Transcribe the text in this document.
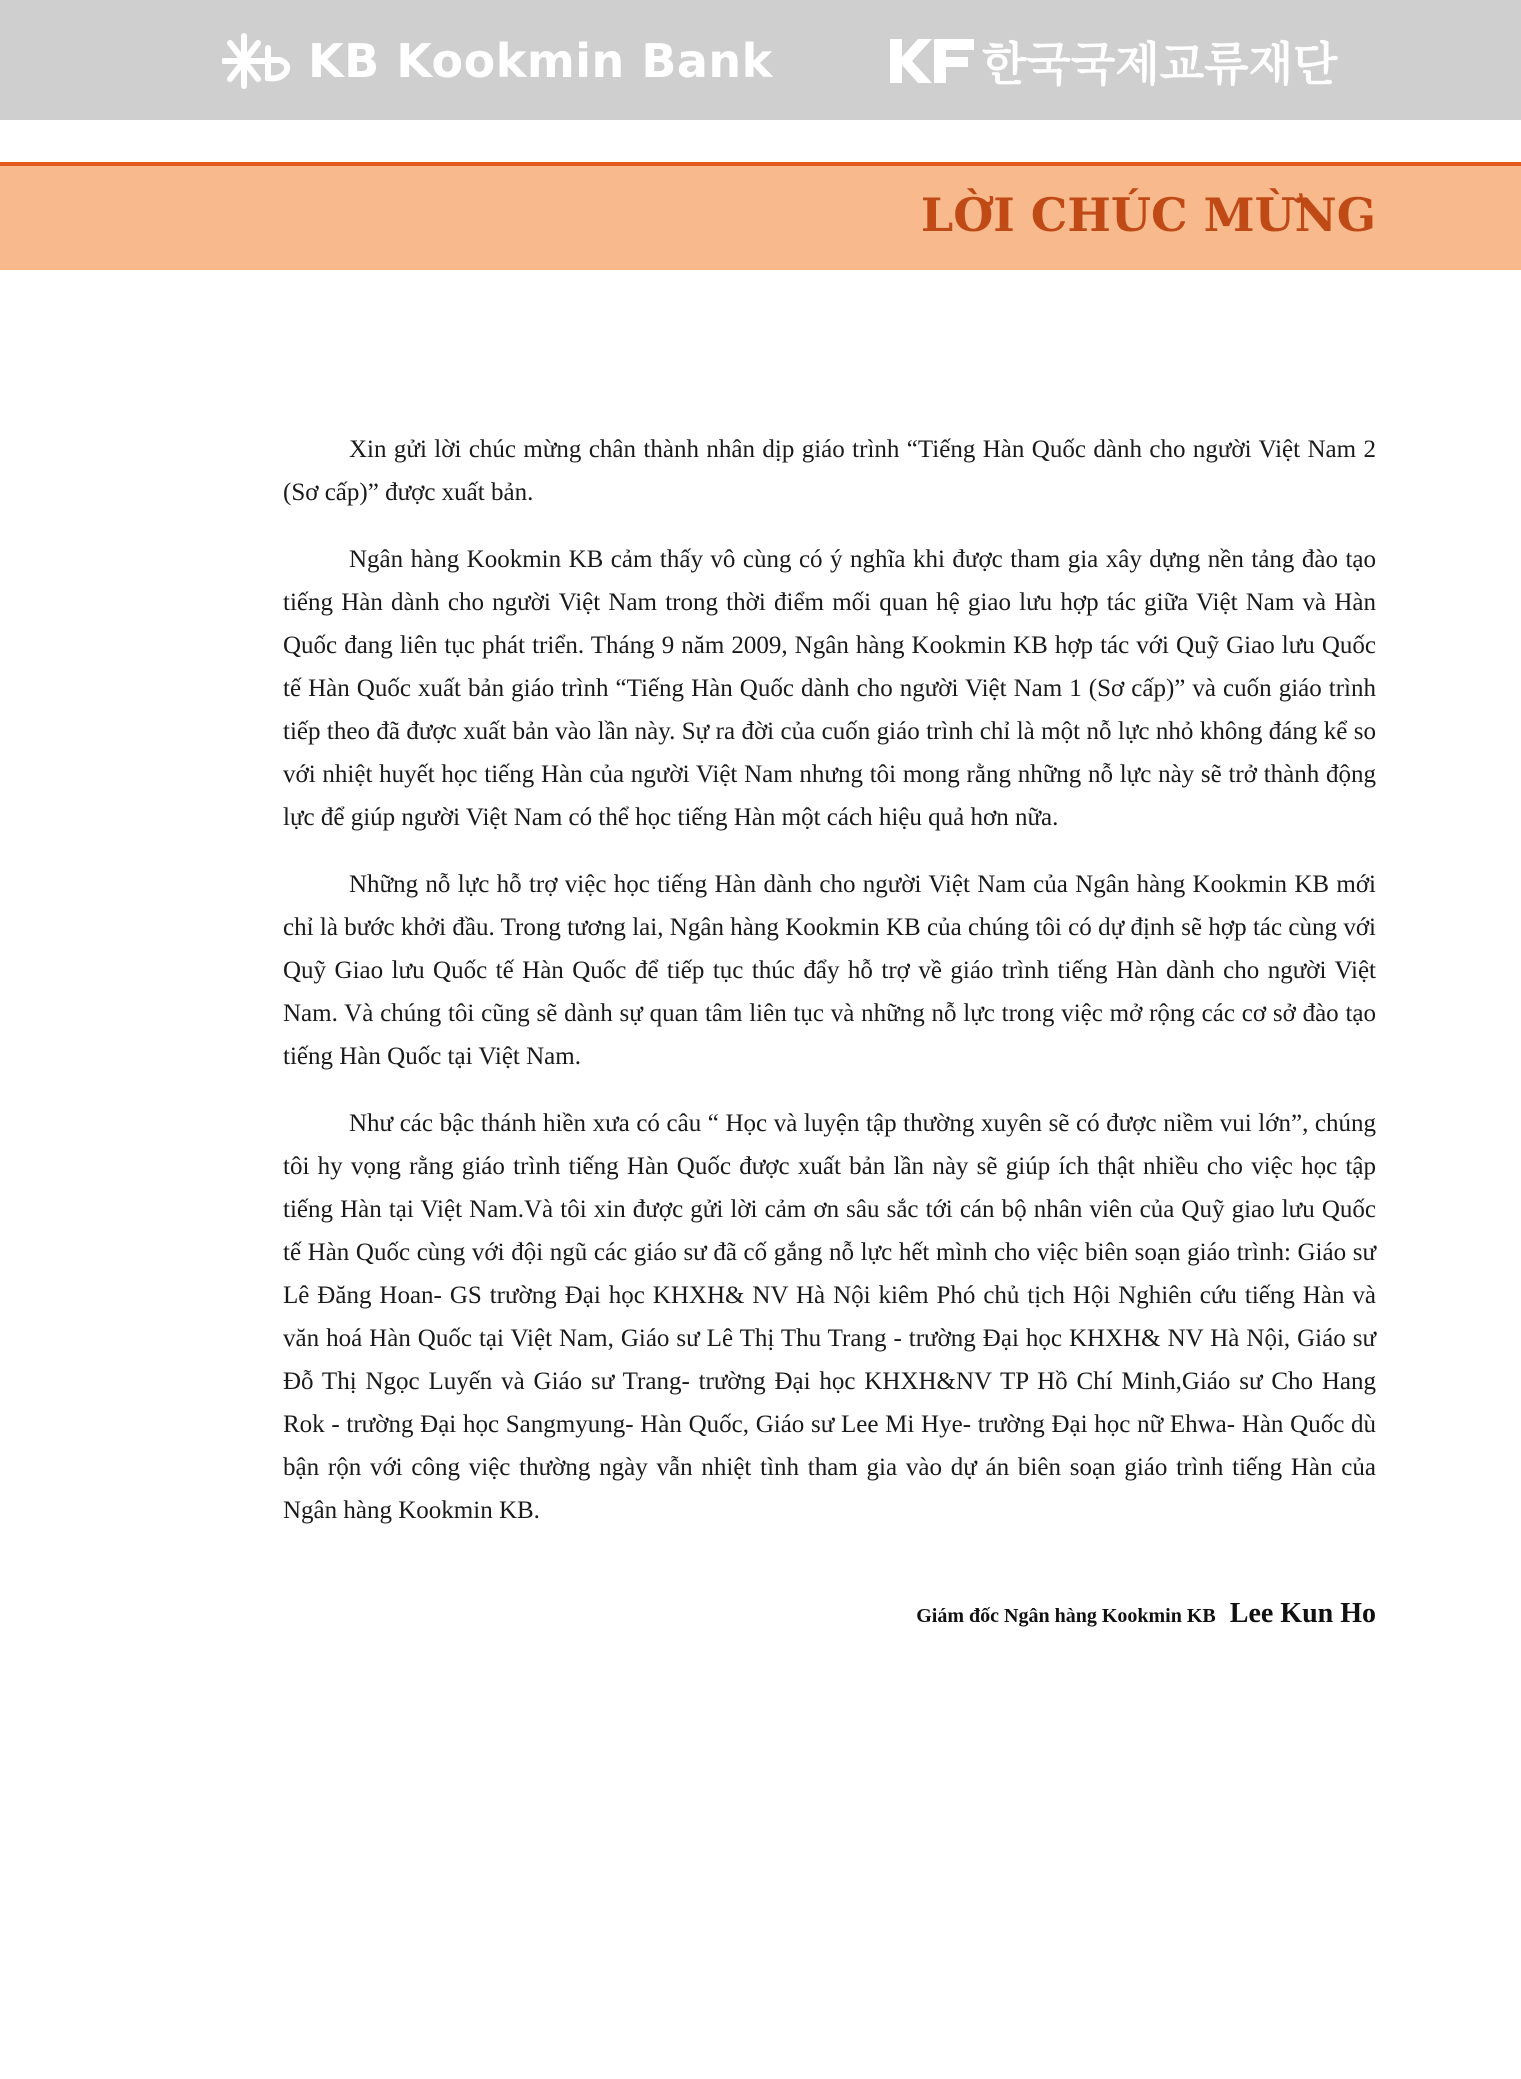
KB Kookmin Bank	한국국제교류재단
LỜI CHÚC MỪNG

Xin gửi lời chúc mừng chân thành nhân dịp giáo trình “Tiếng Hàn Quốc dành cho người Việt Nam 2 (Sơ cấp)” được xuất bản.

Ngân hàng Kookmin KB cảm thấy vô cùng có ý nghĩa khi được tham gia xây dựng nền tảng đào tạo tiếng Hàn dành cho người Việt Nam trong thời điểm mối quan hệ giao lưu hợp tác giữa Việt Nam và Hàn Quốc đang liên tục phát triển. Tháng 9 năm 2009, Ngân hàng Kookmin KB hợp tác với Quỹ Giao lưu Quốc tế Hàn Quốc xuất bản giáo trình “Tiếng Hàn Quốc dành cho người Việt Nam 1 (Sơ cấp)” và cuốn giáo trình tiếp theo đã được xuất bản vào lần này. Sự ra đời của cuốn giáo trình chỉ là một nỗ lực nhỏ không đáng kể so với nhiệt huyết học tiếng Hàn của người Việt Nam nhưng tôi mong rằng những nỗ lực này sẽ trở thành động lực để giúp người Việt Nam có thể học tiếng Hàn một cách hiệu quả hơn nữa.

Những nỗ lực hỗ trợ việc học tiếng Hàn dành cho người Việt Nam của Ngân hàng Kookmin KB mới chỉ là bước khởi đầu. Trong tương lai, Ngân hàng Kookmin KB của chúng tôi có dự định sẽ hợp tác cùng với Quỹ Giao lưu Quốc tế Hàn Quốc để tiếp tục thúc đẩy hỗ trợ về giáo trình tiếng Hàn dành cho người Việt Nam. Và chúng tôi cũng sẽ dành sự quan tâm liên tục và những nỗ lực trong việc mở rộng các cơ sở đào tạo tiếng Hàn Quốc tại Việt Nam.

Như các bậc thánh hiền xưa có câu “ Học và luyện tập thường xuyên sẽ có được niềm vui lớn”, chúng tôi hy vọng rằng giáo trình tiếng Hàn Quốc được xuất bản lần này sẽ giúp ích thật nhiều cho việc học tập tiếng Hàn tại Việt Nam.Và tôi xin được gửi lời cảm ơn sâu sắc tới cán bộ nhân viên của Quỹ giao lưu Quốc tế Hàn Quốc cùng với đội ngũ các giáo sư đã cố gắng nỗ lực hết mình cho việc biên soạn giáo trình: Giáo sư Lê Đăng Hoan- GS trường Đại học KHXH& NV Hà Nội kiêm Phó chủ tịch Hội Nghiên cứu tiếng Hàn và văn hoá Hàn Quốc tại Việt Nam, Giáo sư Lê Thị Thu Trang - trường Đại học KHXH& NV Hà Nội, Giáo sư Đỗ Thị Ngọc Luyến và Giáo sư Trang- trường Đại học KHXH&NV TP Hồ Chí Minh,Giáo sư Cho Hang Rok - trường Đại học Sangmyung- Hàn Quốc, Giáo sư Lee Mi Hye- trường Đại học nữ Ehwa- Hàn Quốc dù bận rộn với công việc thường ngày vẫn nhiệt tình tham gia vào dự án biên soạn giáo trình tiếng Hàn của Ngân hàng Kookmin KB.

Giám đốc Ngân hàng Kookmin KB Lee Kun Ho
